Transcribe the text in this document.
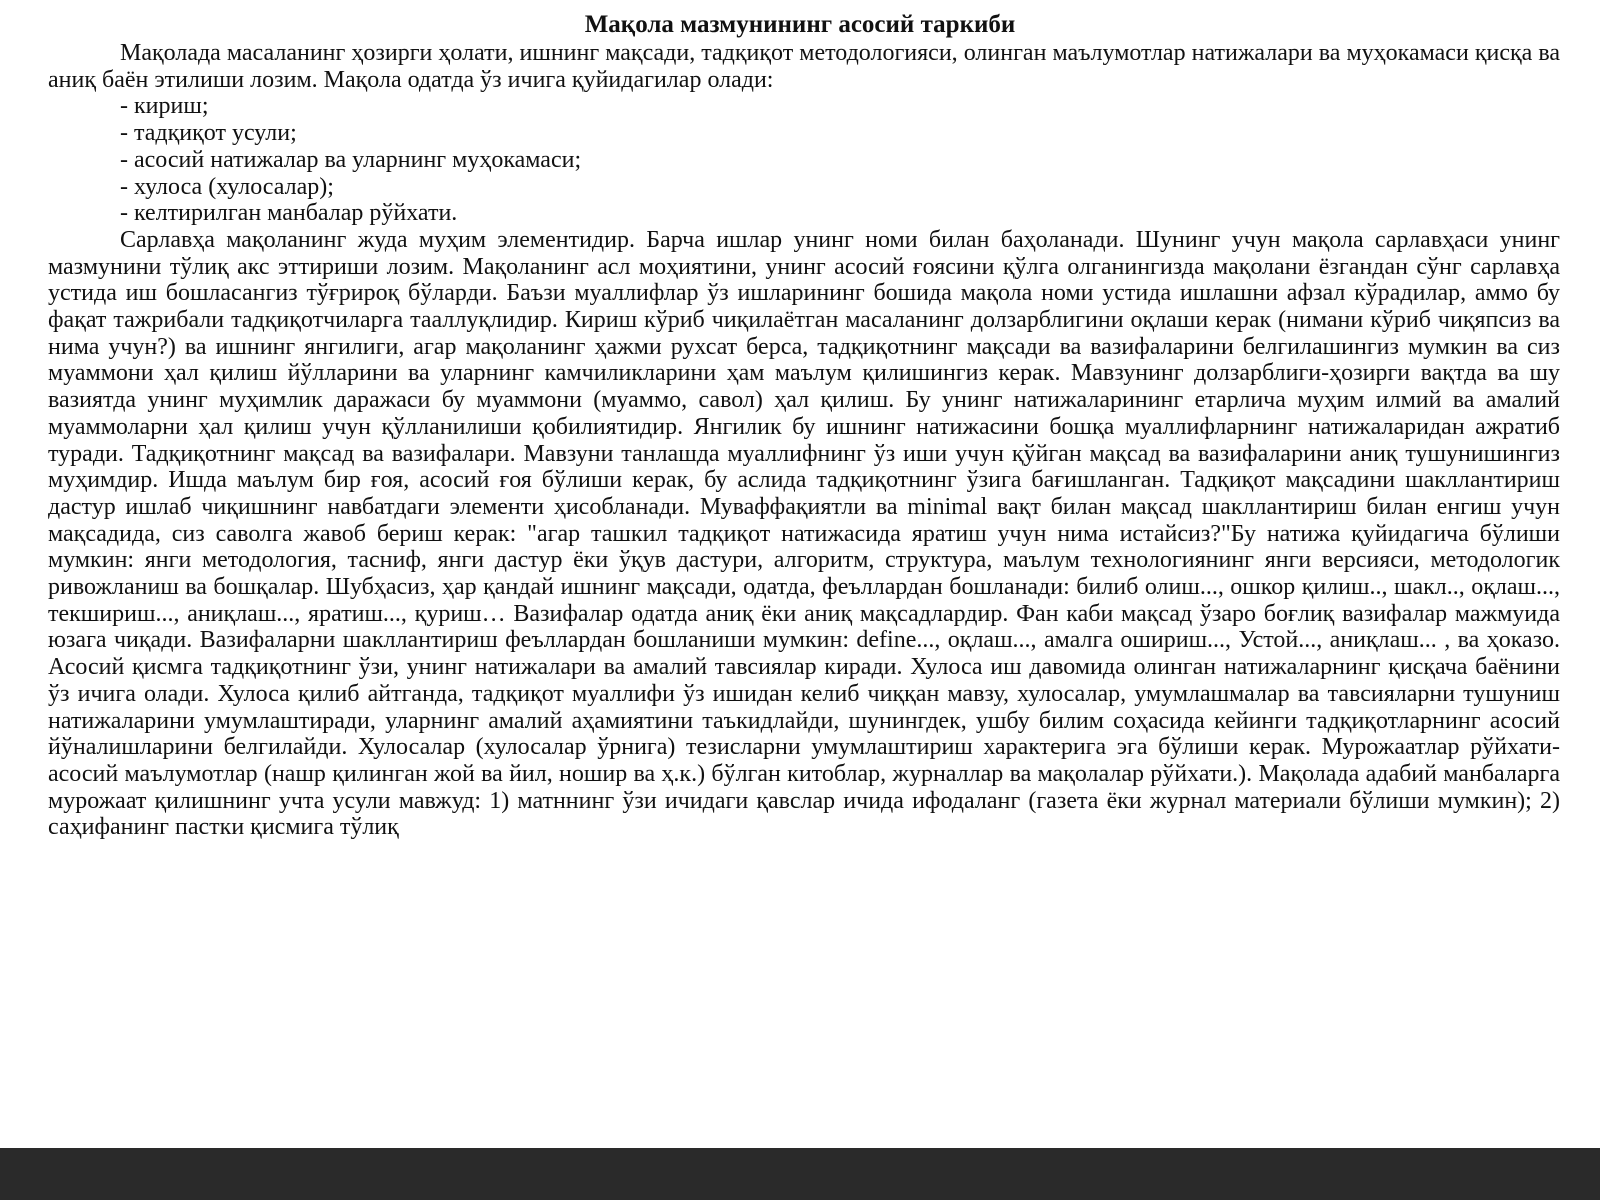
Мақола мазмунининг асосий таркиби

Мақолада масаланинг ҳозирги ҳолати, ишнинг мақсади, тадқиқот методологияси, олинган маълумотлар натижалари ва муҳокамаси қисқа ва аниқ баён этилиши лозим. Мақола одатда ўз ичига қуйидагилар олади:

- кириш;
- тадқиқот усули;
- асосий натижалар ва уларнинг муҳокамаси;
- хулоса (хулосалар);
- келтирилган манбалар рўйхати.

Сарлавҳа мақоланинг жуда муҳим элементидир. Барча ишлар унинг номи билан баҳоланади. Шунинг учун мақола сарлавҳаси унинг мазмунини тўлиқ акс эттириши лозим. Мақоланинг асл моҳиятини, унинг асосий ғоясини қўлга олганингизда мақолани ёзгандан сўнг сарлавҳа устида иш бошласангиз тўғрироқ бўларди. Баъзи муаллифлар ўз ишларининг бошида мақола номи устида ишлашни афзал кўрадилар, аммо бу фақат тажрибали тадқиқотчиларга тааллуқлидир. Кириш кўриб чиқилаётган масаланинг долзарблигини оқлаши керак (нимани кўриб чиқяпсиз ва нима учун?) ва ишнинг янгилиги, агар мақоланинг ҳажми рухсат берса, тадқиқотнинг мақсади ва вазифаларини белгилашингиз мумкин ва сиз муаммони ҳал қилиш йўлларини ва уларнинг камчиликларини ҳам маълум қилишингиз керак. Мавзунинг долзарблиги-ҳозирги вақтда ва шу вазиятда унинг муҳимлик даражаси бу муаммони (муаммо, савол) ҳал қилиш. Бу унинг натижаларининг етарлича муҳим илмий ва амалий муаммоларни ҳал қилиш учун қўлланилиши қобилиятидир. Янгилик бу ишнинг натижасини бошқа муаллифларнинг натижаларидан ажратиб туради. Тадқиқотнинг мақсад ва вазифалари. Мавзуни танлашда муаллифнинг ўз иши учун қўйган мақсад ва вазифаларини аниқ тушунишингиз муҳимдир. Ишда маълум бир ғоя, асосий ғоя бўлиши керак, бу аслида тадқиқотнинг ўзига бағишланган. Тадқиқот мақсадини шакллантириш дастур ишлаб чиқишнинг навбатдаги элементи ҳисобланади. Муваффақиятли ва minimal вақт билан мақсад шакллантириш билан енгиш учун мақсадида, сиз саволга жавоб бериш керак: "агар ташкил тадқиқот натижасида яратиш учун нима истайсиз?"Бу натижа қуйидагича бўлиши мумкин: янги методология, тасниф, янги дастур ёки ўқув дастури, алгоритм, структура, маълум технологиянинг янги версияси, методологик ривожланиш ва бошқалар. Шубҳасиз, ҳар қандай ишнинг мақсади, одатда, феъллардан бошланади: билиб олиш..., ошкор қилиш.., шакл.., оқлаш..., текшириш..., аниқлаш..., яратиш..., қуриш… Вазифалар одатда аниқ ёки аниқ мақсадлардир. Фан каби мақсад ўзаро боғлиқ вазифалар мажмуида юзага чиқади. Вазифаларни шакллантириш феъллардан бошланиши мумкин: define..., оқлаш..., амалга ошириш..., Устой..., аниқлаш... , ва ҳоказо. Асосий қисмга тадқиқотнинг ўзи, унинг натижалари ва амалий тавсиялар киради. Хулоса иш давомида олинган натижаларнинг қисқача баёнини ўз ичига олади. Хулоса қилиб айтганда, тадқиқот муаллифи ўз ишидан келиб чиққан мавзу, хулосалар, умумлашмалар ва тавсияларни тушуниш натижаларини умумлаштиради, уларнинг амалий аҳамиятини таъкидлайди, шунингдек, ушбу билим соҳасида кейинги тадқиқотларнинг асосий йўналишларини белгилайди. Хулосалар (хулосалар ўрнига) тезисларни умумлаштириш характерига эга бўлиши керак. Мурожаатлар рўйхати-асосий маълумотлар (нашр қилинган жой ва йил, ношир ва ҳ.к.) бўлган китоблар, журналлар ва мақолалар рўйхати.). Мақолада адабий манбаларга мурожаат қилишнинг учта усули мавжуд: 1) матннинг ўзи ичидаги қавслар ичида ифодаланг (газета ёки журнал материали бўлиши мумкин); 2) саҳифанинг пастки қисмига тўлиқ
